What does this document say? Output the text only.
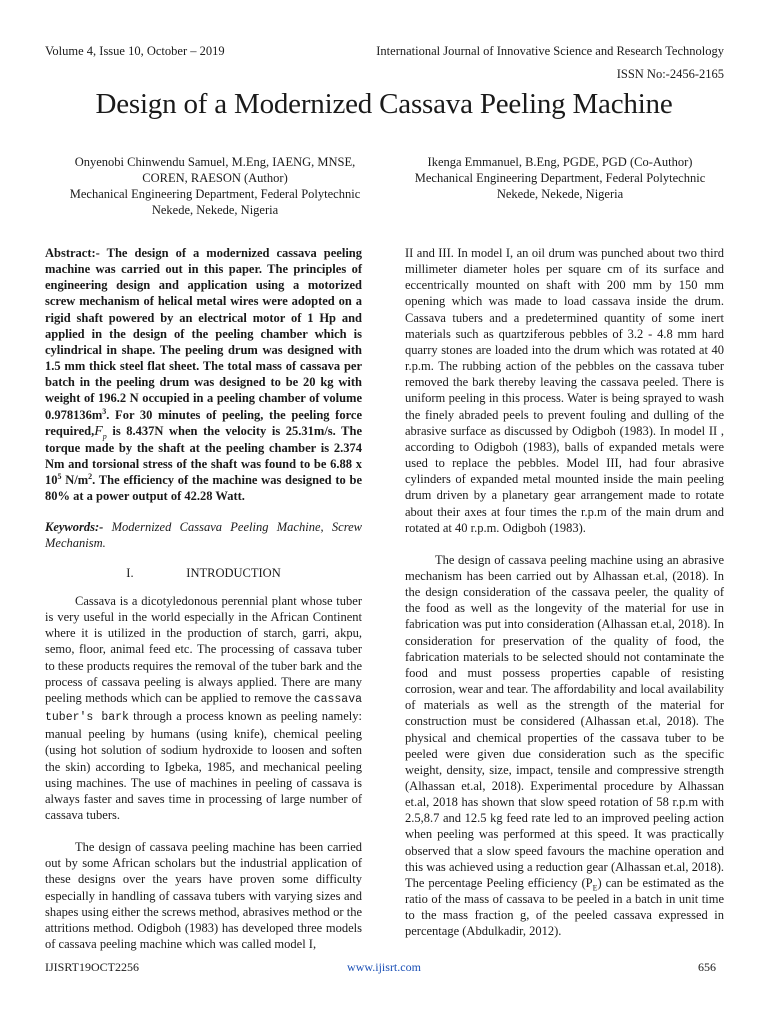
Volume 4, Issue 10, October – 2019	International Journal of Innovative Science and Research Technology
ISSN No:-2456-2165
Design of a Modernized Cassava Peeling Machine
Onyenobi Chinwendu Samuel, M.Eng, IAENG, MNSE,
COREN, RAESON (Author)
Mechanical Engineering Department, Federal Polytechnic
Nekede, Nekede, Nigeria
Ikenga Emmanuel, B.Eng, PGDE, PGD (Co-Author)
Mechanical Engineering Department, Federal Polytechnic
Nekede, Nekede, Nigeria

Abstract:- The design of a modernized cassava peeling machine was carried out in this paper. The principles of engineering design and application using a motorized screw mechanism of helical metal wires were adopted on a rigid shaft powered by an electrical motor of 1 Hp and applied in the design of the peeling chamber which is cylindrical in shape. The peeling drum was designed with 1.5 mm thick steel flat sheet. The total mass of cassava per batch in the peeling drum was designed to be 20 kg with weight of 196.2 N occupied in a peeling chamber of volume $0.978136m^3$. For 30 minutes of peeling, the peeling force $required,F_p$ is 8.437N when the velocity is 25.31m/s. The torque made by the shaft at the peeling chamber is 2.374 Nm and torsional stress of the shaft was found to be 6.88 x $10^5$ $N/m^2$. The efficiency of the machine was designed to be 80% at a power output of 42.28 Watt.

Keywords:- Modernized Cassava Peeling Machine, Screw Mechanism.

I.	INTRODUCTION

Cassava is a dicotyledonous perennial plant whose tuber is very useful in the world especially in the African Continent where it is utilized in the production of starch, garri, akpu, semo, floor, animal feed etc. The processing of cassava tuber to these products requires the removal of the tuber bark and the process of cassava peeling is always applied. There are many peeling methods which can be applied to remove the cassava tuber's bark through a process known as peeling namely: manual peeling by humans (using knife), chemical peeling (using hot solution of sodium hydroxide to loosen and soften the skin) according to Igbeka, 1985, and mechanical peeling using machines. The use of machines in peeling of cassava is always faster and saves time in processing of large number of cassava tubers.

The design of cassava peeling machine has been carried out by some African scholars but the industrial application of these designs over the years have proven some difficulty especially in handling of cassava tubers with varying sizes and shapes using either the screws method, abrasives method or the attritions method. Odigboh (1983) has developed three models of cassava peeling machine which was called model I,

II and III. In model I, an oil drum was punched about two third millimeter diameter holes per square cm of its surface and eccentrically mounted on shaft with 200 mm by 150 mm opening which was made to load cassava inside the drum. Cassava tubers and a predetermined quantity of some inert materials such as quartziferous pebbles of 3.2 - 4.8 mm hard quarry stones are loaded into the drum which was rotated at 40 r.p.m. The rubbing action of the pebbles on the cassava tuber removed the bark thereby leaving the cassava peeled. There is uniform peeling in this process. Water is being sprayed to wash the finely abraded peels to prevent fouling and dulling of the abrasive surface as discussed by Odigboh (1983). In model II , according to Odigboh (1983), balls of expanded metals were used to replace the pebbles. Model III, had four abrasive cylinders of expanded metal mounted inside the main peeling drum driven by a planetary gear arrangement made to rotate about their axes at four times the r.p.m of the main drum and rotated at 40 r.p.m. Odigboh (1983).

The design of cassava peeling machine using an abrasive mechanism has been carried out by Alhassan et.al, (2018). In the design consideration of the cassava peeler, the quality of the food as well as the longevity of the material for use in fabrication was put into consideration (Alhassan et.al, 2018). In consideration for preservation of the quality of food, the fabrication materials to be selected should not contaminate the food and must possess properties capable of resisting corrosion, wear and tear. The affordability and local availability of materials as well as the strength of the material for construction must be considered (Alhassan et.al, 2018). The physical and chemical properties of the cassava tuber to be peeled were given due consideration such as the specific weight, density, size, impact, tensile and compressive strength (Alhassan et.al, 2018). Experimental procedure by Alhassan et.al, 2018 has shown that slow speed rotation of 58 r.p.m with 2.5,8.7 and 12.5 kg feed rate led to an improved peeling action when peeling was performed at this speed. It was practically observed that a slow speed favours the machine operation and this was achieved using a reduction gear (Alhassan et.al, 2018). The percentage Peeling efficiency $(P_E)$ can be estimated as the ratio of the mass of cassava to be peeled in a batch in unit time to the mass fraction g, of the peeled cassava expressed in percentage (Abdulkadir, 2012).

IJISRT19OCT2256	www.ijisrt.com	656
